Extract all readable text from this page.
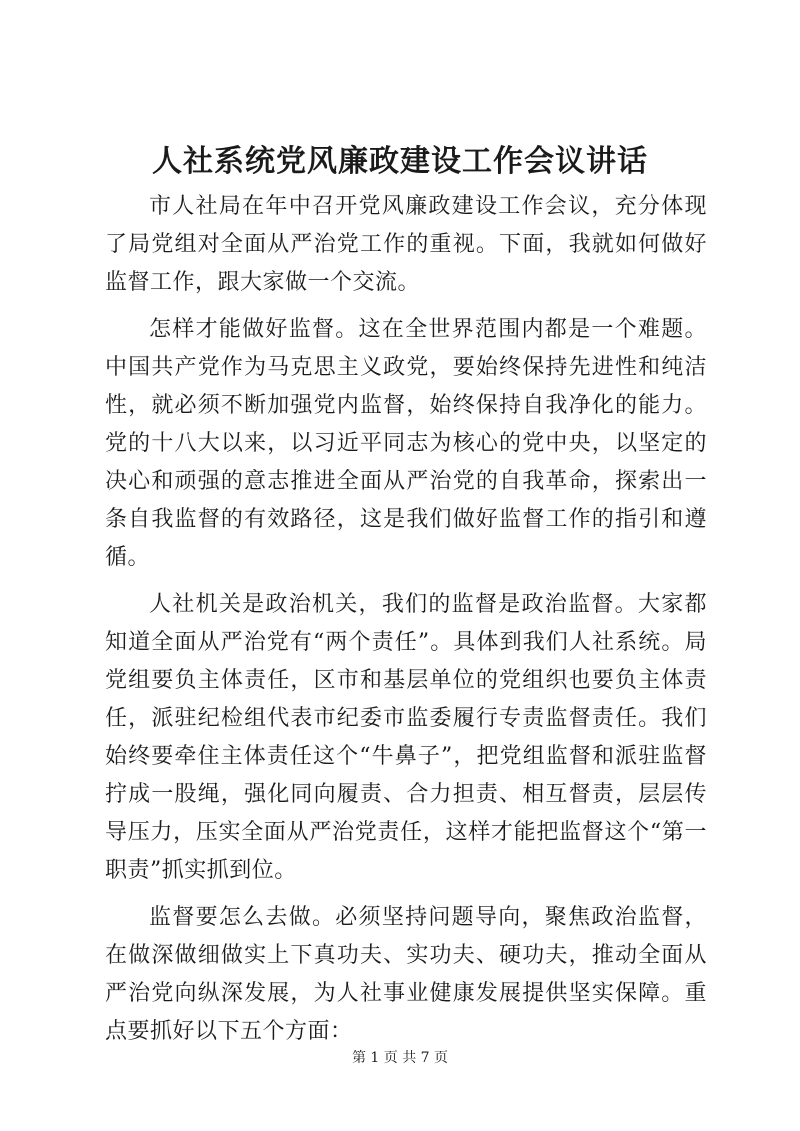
人社系统党风廉政建设工作会议讲话

市人社局在年中召开党风廉政建设工作会议，充分体现了局党组对全面从严治党工作的重视。下面，我就如何做好监督工作，跟大家做一个交流。

怎样才能做好监督。这在全世界范围内都是一个难题。中国共产党作为马克思主义政党，要始终保持先进性和纯洁性，就必须不断加强党内监督，始终保持自我净化的能力。党的十八大以来，以习近平同志为核心的党中央，以坚定的决心和顽强的意志推进全面从严治党的自我革命，探索出一条自我监督的有效路径，这是我们做好监督工作的指引和遵循。

人社机关是政治机关，我们的监督是政治监督。大家都知道全面从严治党有“两个责任”。具体到我们人社系统。局党组要负主体责任，区市和基层单位的党组织也要负主体责任，派驻纪检组代表市纪委市监委履行专责监督责任。我们始终要牵住主体责任这个“牛鼻子”，把党组监督和派驻监督拧成一股绳，强化同向履责、合力担责、相互督责，层层传导压力，压实全面从严治党责任，这样才能把监督这个“第一职责”抓实抓到位。

监督要怎么去做。必须坚持问题导向，聚焦政治监督，在做深做细做实上下真功夫、实功夫、硬功夫，推动全面从严治党向纵深发展，为人社事业健康发展提供坚实保障。重点要抓好以下五个方面：

第 1 页 共 7 页
